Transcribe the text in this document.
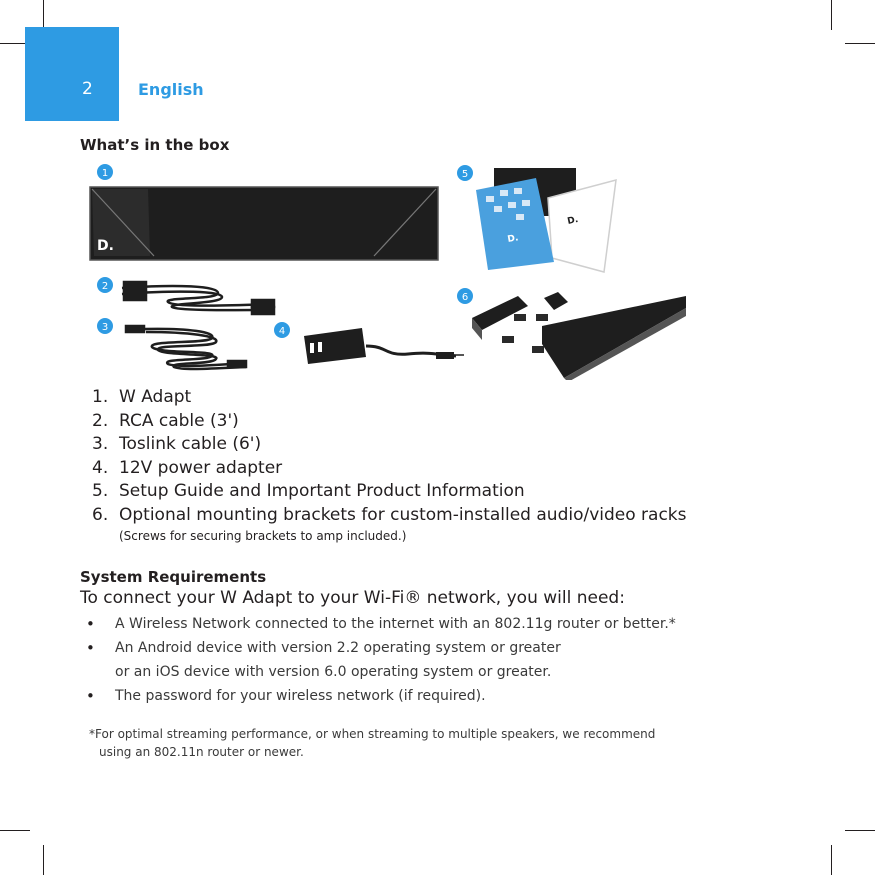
2	English
What’s in the box
D.
D.
D.
1
2
3	4
5
6
1. W Adapt
2. RCA cable (3')
3. Toslink cable (6')
4. 12V power adapter
5. Setup Guide and Important Product Information
6. Optional mounting brackets for custom-installed audio/video racks
(Screws for securing brackets to amp included.)
System Requirements
To connect your W Adapt to your Wi-Fi® network, you will need:
• A Wireless Network connected to the internet with an 802.11g router or better.*
• An Android device with version 2.2 operating system or greater
or an iOS device with version 6.0 operating system or greater.
• The password for your wireless network (if required).
*For optimal streaming performance, or when streaming to multiple speakers, we recommend
using an 802.11n router or newer.
